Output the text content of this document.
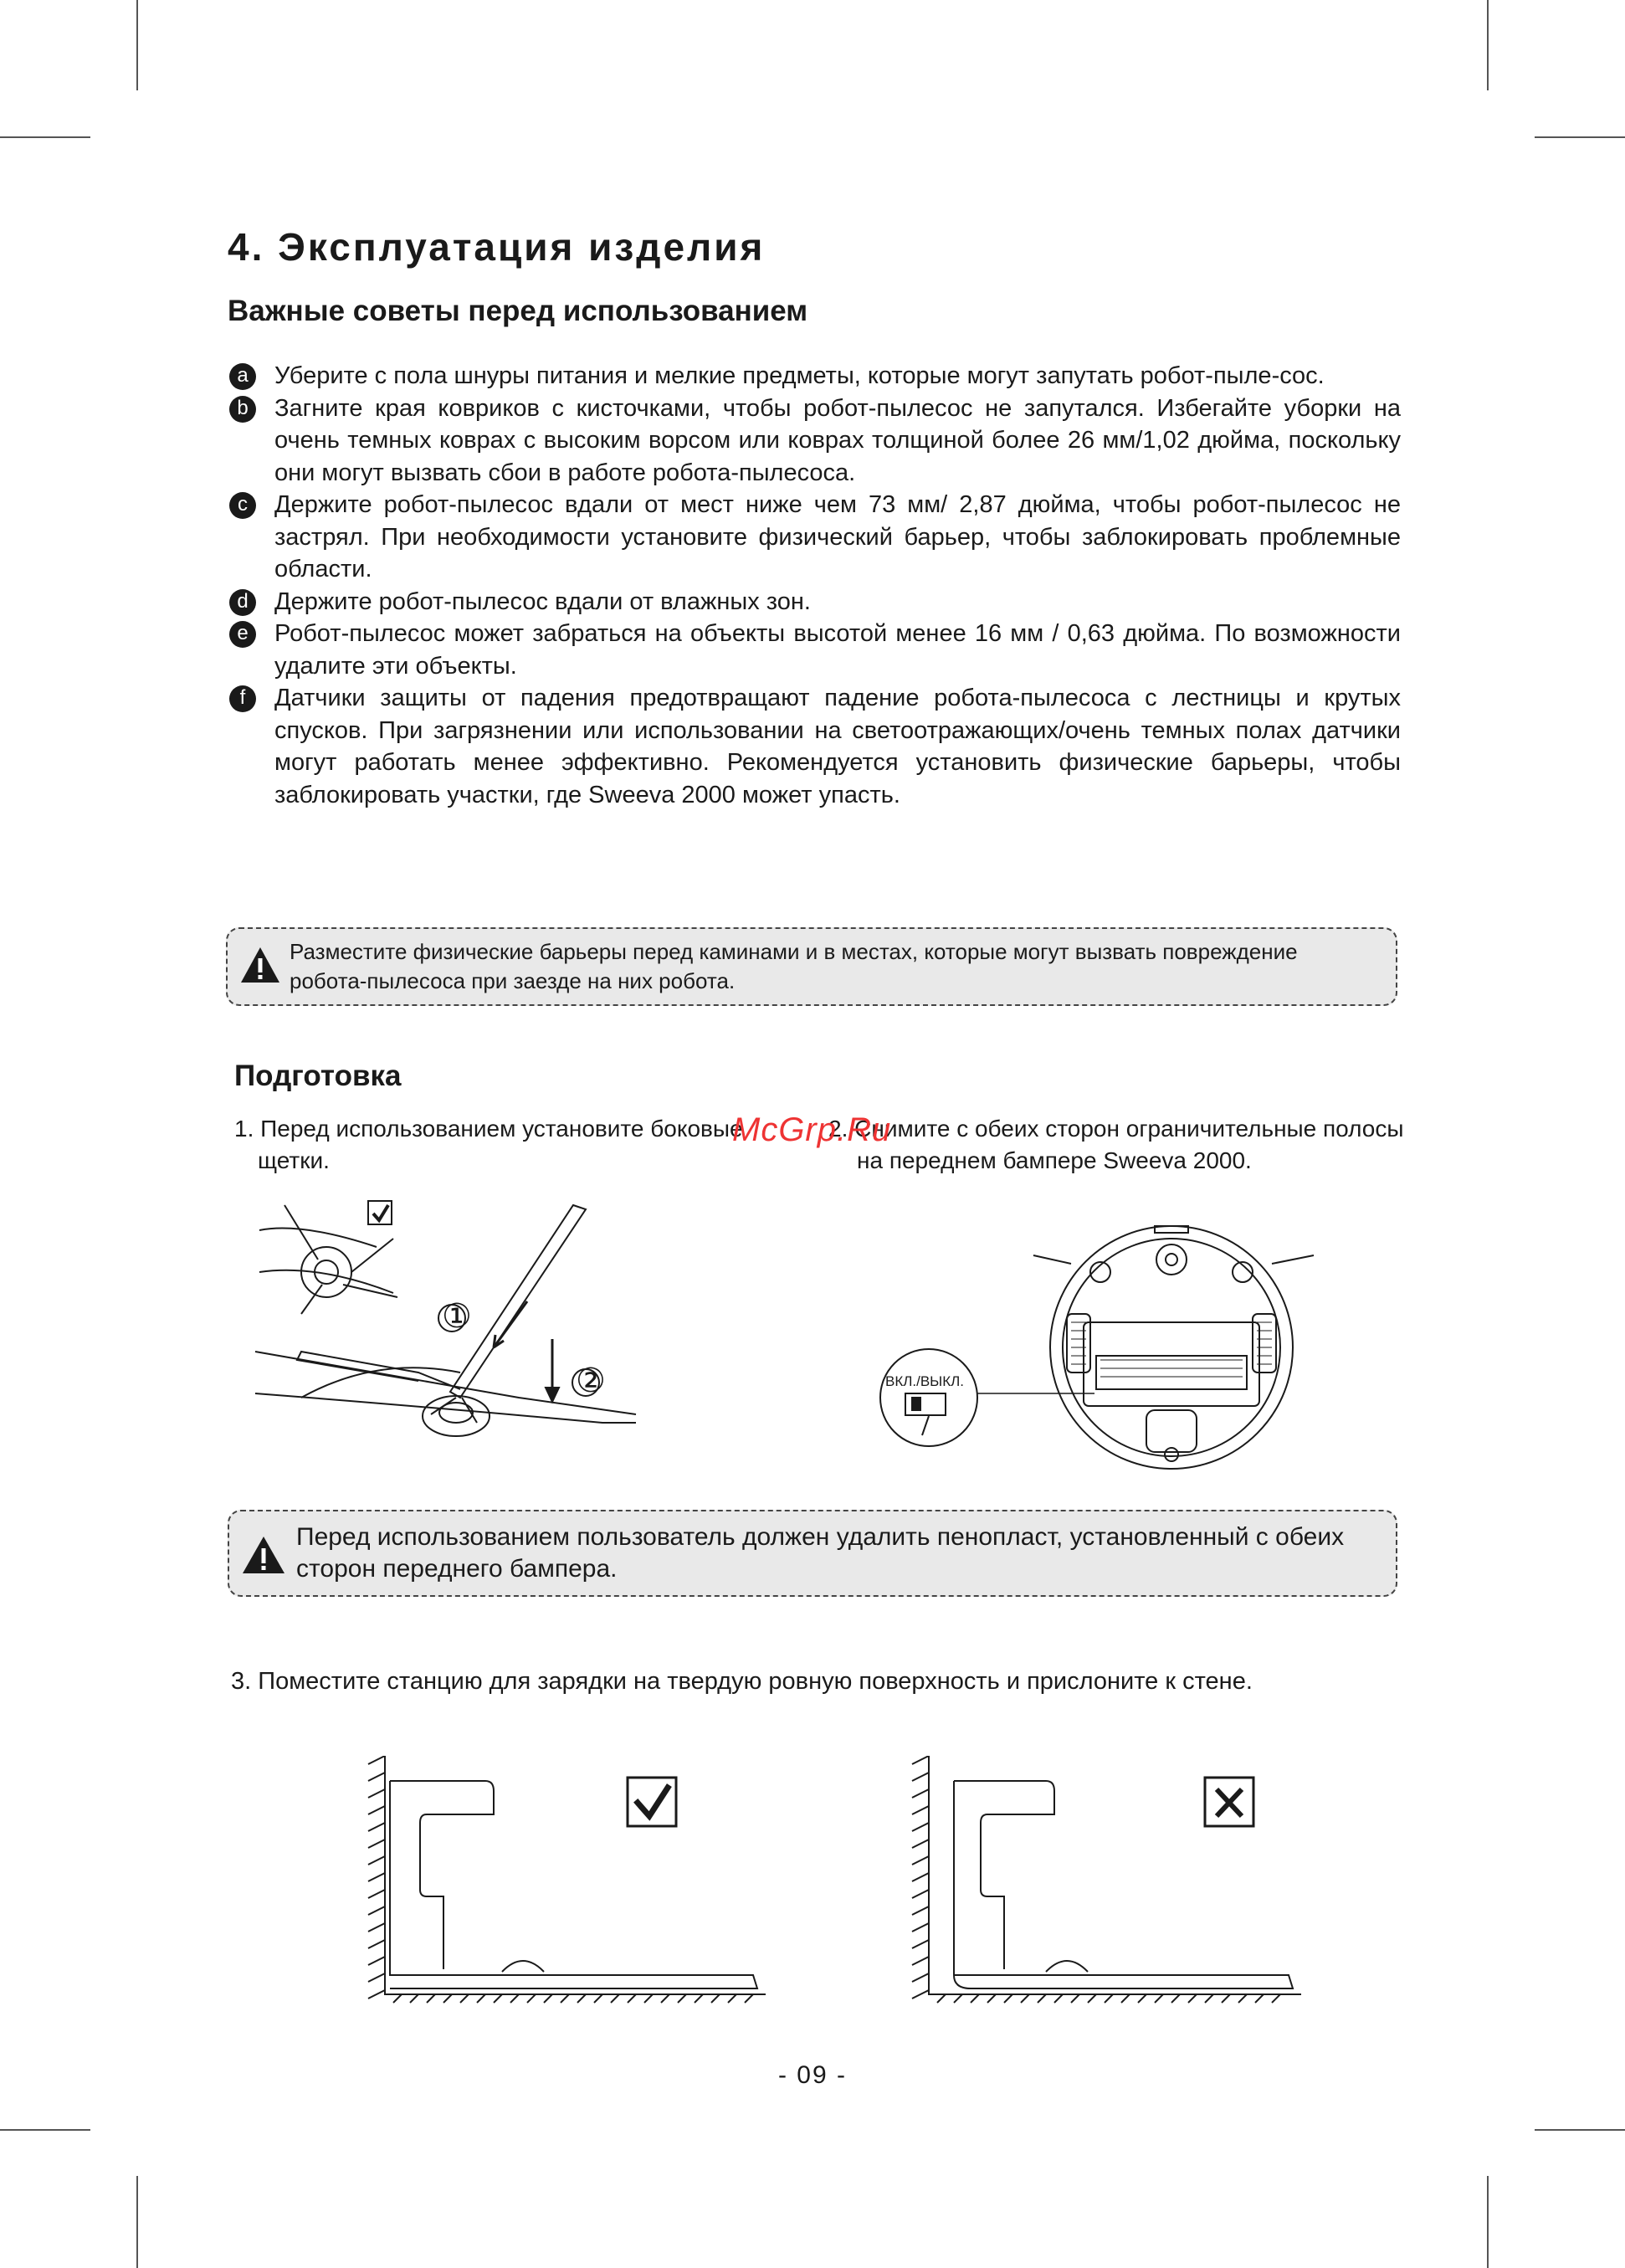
4. Эксплуатация изделия
Важные советы перед использованием
a	Уберите с пола шнуры питания и мелкие предметы, которые могут запутать робот-пыле-сос.
b	Загните края ковриков с кисточками, чтобы робот-пылесос не запутался. Избегайте уборки на очень темных коврах с высоким ворсом или коврах толщиной более 26 мм/1,02 дюйма, поскольку они могут вызвать сбои в работе робота-пылесоса.
c	Держите робот-пылесос вдали от мест ниже чем 73 мм/ 2,87 дюйма, чтобы робот-пылесос не застрял. При необходимости установите физический барьер, чтобы заблокировать проблемные области.
d	Держите робот-пылесос вдали от влажных зон.
e	Робот-пылесос может забраться на объекты высотой менее 16 мм / 0,63 дюйма. По возможности удалите эти объекты.
f	Датчики защиты от падения предотвращают падение робота-пылесоса с лестницы и крутых спусков. При загрязнении или использовании на светоотражающих/очень темных полах датчики могут работать менее эффективно. Рекомендуется установить физические барьеры, чтобы заблокировать участки, где Sweeva 2000 может упасть.
Разместите физические барьеры перед каминами и в местах, которые могут вызвать повреждение робота-пылесоса при заезде на них робота.
Подготовка
1. Перед использованием установите боковые щетки.
2. Снимите с обеих сторон ограничительные полосы на переднем бампере Sweeva 2000.
McGrp.Ru
①
②	ВКЛ./ВЫКЛ.
Перед использованием пользователь должен удалить пенопласт, установленный с обеих сторон переднего бампера.
3. Поместите станцию для зарядки на твердую ровную поверхность и прислоните к стене.
- 09 -
